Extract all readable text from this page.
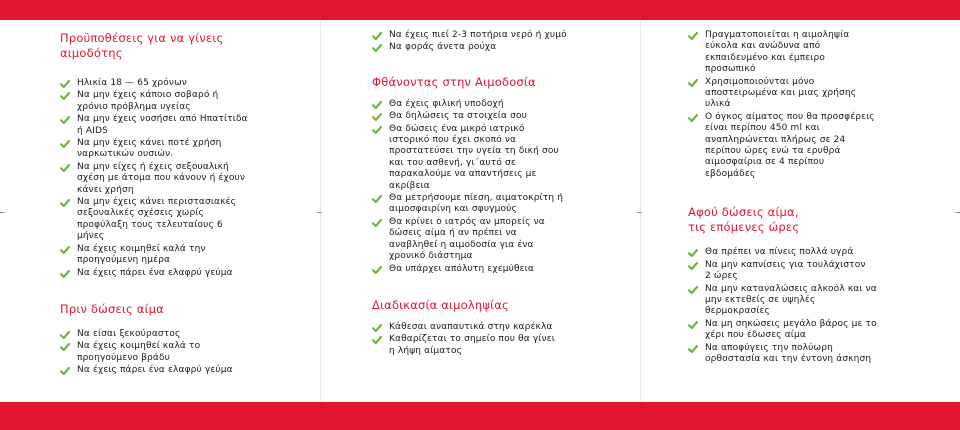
Προϋποθέσεις για να γίνεις
αιμοδότης
Ηλικία 18 — 65 χρόνων
Να μην έχεις κάποιο σοβαρό ή
χρόνιο πρόβλημα υγείας
Να μην έχεις νοσήσει από Ηπατίτιδα
ή AIDS
Να μην έχεις κάνει ποτέ χρήση
ναρκωτικών ουσιών.
Να μην είχες ή έχεις σεξουαλική
σχέση με άτομα που κάνουν ή έχουν
κάνει χρήση
Να μην έχεις κάνει περιστασιακές
σεξουαλικές σχέσεις χωρίς
προφύλαξη τους τελευταίους 6
μήνες
Να έχεις κοιμηθεί καλά την
προηγούμενη ημέρα
Να έχεις πάρει ένα ελαφρύ γεύμα
Πριν δώσεις αίμα
Να είσαι ξεκούραστος
Να έχεις κοιμηθεί καλά το
προηγούμενο βράδυ
Να έχεις πάρει ένα ελαφρύ γεύμα
Να έχεις πιεί 2-3 ποτήρια νερό ή χυμό
Να φοράς άνετα ρούχα
Φθάνοντας στην Αιμοδοσία
Θα έχεις φιλική υποδοχή
Θα δηλώσεις τα στοιχεία σου
Θα δώσεις ένα μικρό ιατρικό
ιστορικό που έχει σκοπό να
προστατεύσει την υγεία τη δική σου
και του ασθενή, γι΄αυτό σε
παρακαλούμε να απαντήσεις με
ακρίβεια
Θα μετρήσουμε πίεση, αιματοκρίτη ή
αιμοσφαιρίνη και σφυγμούς
Θα κρίνει ο ιατρός αν μπορείς να
δώσεις αίμα ή αν πρέπει να
αναβληθεί η αιμοδοσία για ένα
χρονικό διάστημα
Θα υπάρχει απόλυτη εχεμύθεια
Διαδικασία αιμοληψίας
Κάθεσαι αναπαυτικά στην καρέκλα
Καθαρίζεται το σημείο που θα γίνει
η λήψη αίματος
Πραγματοποιείται η αιμοληψία
εύκολα και ανώδυνα από
εκπαιδευμένο και έμπειρο
προσωπικό
Χρησιμοποιούνται μόνο
αποστειρωμένα και μιας χρήσης
υλικά
Ο όγκος αίματος που θα προσφέρεις
είναι περίπου 450 ml και
αναπληρώνεται πλήρως σε 24
περίπου ώρες ενώ τα ερυθρά
αιμοσφαίρια σε 4 περίπου
εβδομάδες
Αφού δώσεις αίμα,
τις επόμενες ώρες
Θα πρέπει να πίνεις πολλά υγρά
Να μην καπνίσεις για τουλάχιστον
2 ώρες
Να μην καταναλώσεις αλκοόλ και να
μην εκτεθείς σε υψηλές
θερμοκρασίες
Να μη σηκώσεις μεγάλο βάρος με το
χέρι που έδωσες αίμα
Να αποφύγεις την πολύωρη
ορθοστασία και την έντονη άσκηση
